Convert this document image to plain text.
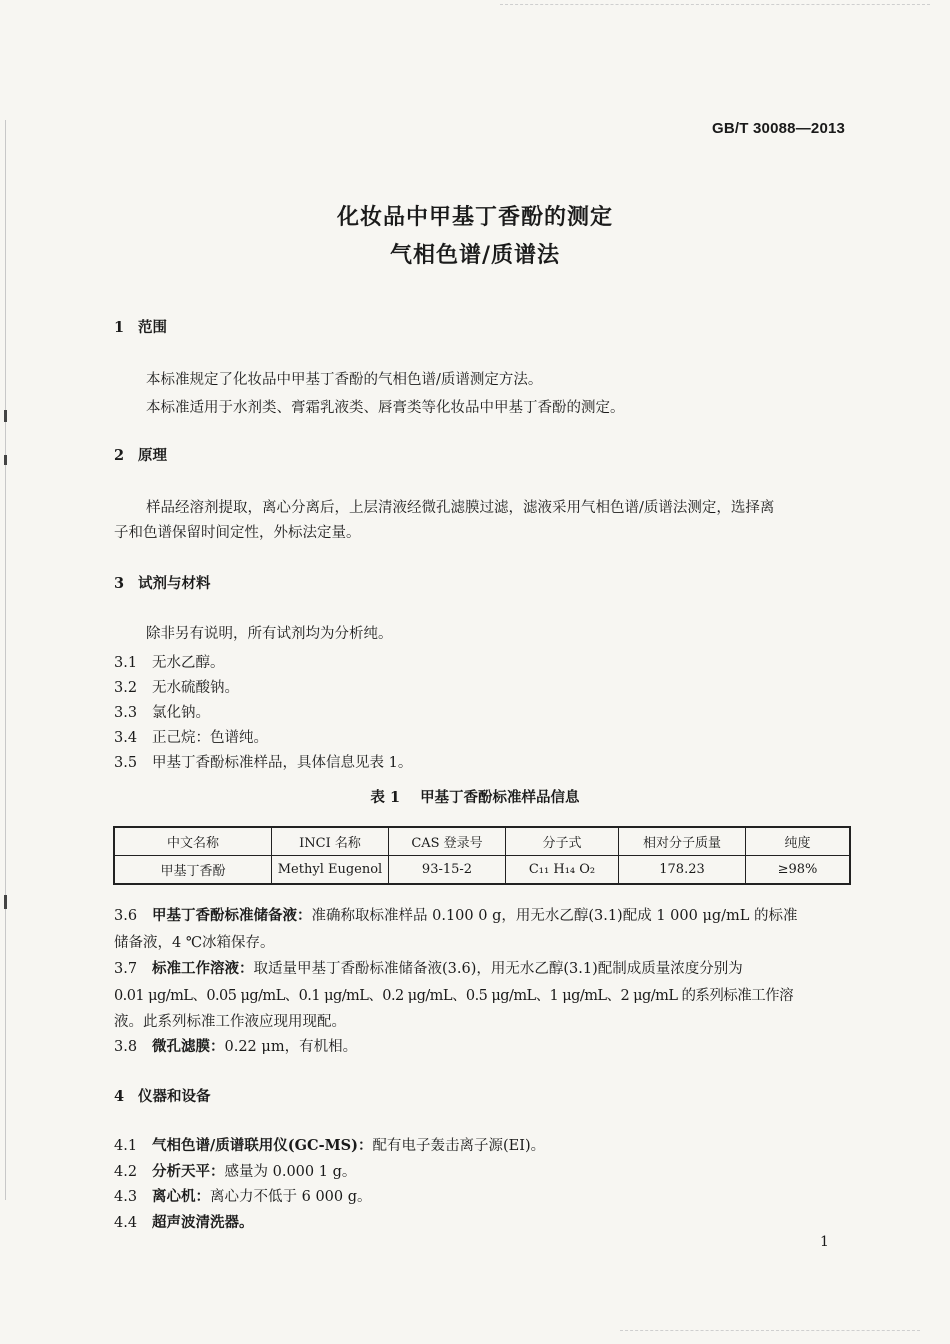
GB/T 30088—2013
化妆品中甲基丁香酚的测定
气相色谱/质谱法
1 范围
本标准规定了化妆品中甲基丁香酚的气相色谱/质谱测定方法。
本标准适用于水剂类、膏霜乳液类、唇膏类等化妆品中甲基丁香酚的测定。
2 原理
样品经溶剂提取，离心分离后，上层清液经微孔滤膜过滤，滤液采用气相色谱/质谱法测定，选择离
子和色谱保留时间定性，外标法定量。
3 试剂与材料
除非另有说明，所有试剂均为分析纯。
3.1 无水乙醇。
3.2 无水硫酸钠。
3.3 氯化钠。
3.4 正己烷：色谱纯。
3.5 甲基丁香酚标准样品，具体信息见表 1。
表 1 甲基丁香酚标准样品信息
中文名称	INCI 名称	CAS 登录号	分子式	相对分子质量	纯度
甲基丁香酚	Methyl Eugenol	93-15-2	C₁₁ H₁₄ O₂	178.23	≥98%
3.6 甲基丁香酚标准储备液：准确称取标准样品 0.100 0 g，用无水乙醇(3.1)配成 1 000 μg/mL 的标准
储备液，4 ℃冰箱保存。
3.7 标准工作溶液：取适量甲基丁香酚标准储备液(3.6)，用无水乙醇(3.1)配制成质量浓度分别为
0.01 μg/mL、0.05 μg/mL、0.1 μg/mL、0.2 μg/mL、0.5 μg/mL、1 μg/mL、2 μg/mL 的系列标准工作溶
液。此系列标准工作液应现用现配。
3.8 微孔滤膜：0.22 μm，有机相。
4 仪器和设备
4.1 气相色谱/质谱联用仪(GC-MS)：配有电子轰击离子源(EI)。
4.2 分析天平：感量为 0.000 1 g。
4.3 离心机：离心力不低于 6 000 g。
4.4 超声波清洗器。
1
